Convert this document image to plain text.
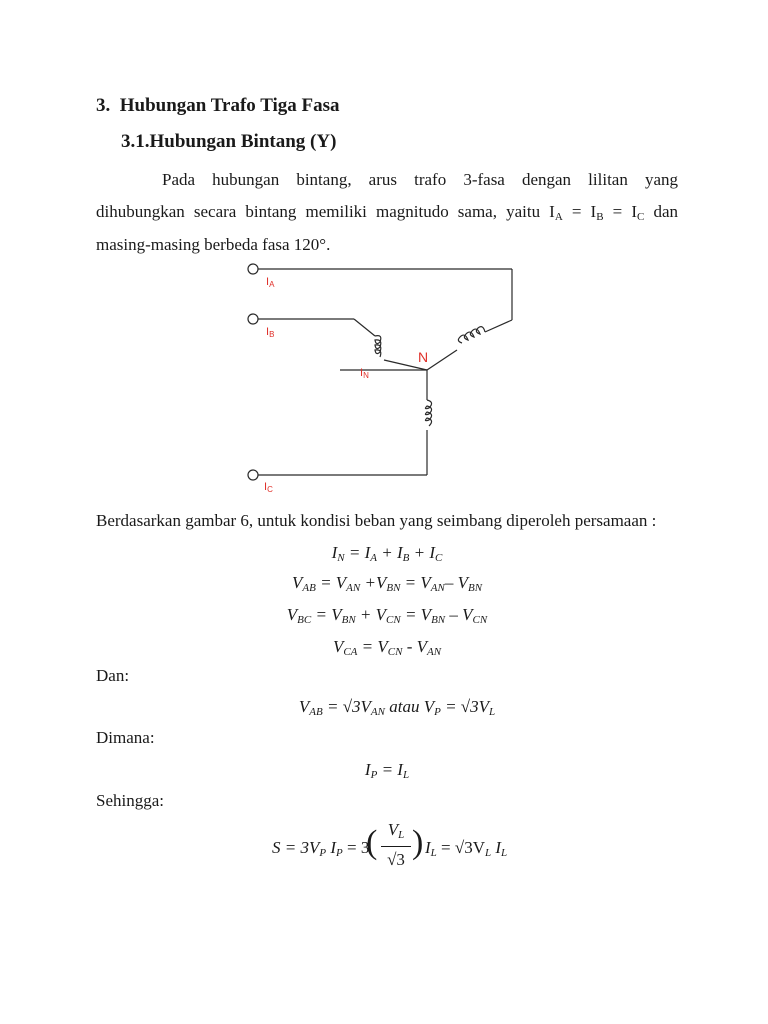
3. Hubungan Trafo Tiga Fasa
3.1.Hubungan Bintang (Y)
Pada hubungan bintang, arus trafo 3-fasa dengan lilitan yang
dihubungkan secara bintang memiliki magnitudo sama, yaitu $I_A = I_B = I_C$ dan
masing-masing berbeda fasa 120°.
IA
IB
IN
IC
N
Berdasarkan gambar 6, untuk kondisi beban yang seimbang diperoleh persamaan :
$I_N = I_A + I_B + I_C$
$V_{AB} = V_{AN} +V_{BN} = V_{AN}-$ $V_{BN}$
$V_{BC} = V_{BN} + V_{CN} = V_{BN} - V_{CN}$
$V_{CA} = V_{CN} - V_{AN}$
Dan:
$V_{AB} = √3V_{AN}$ atau $V_P = √3V_L$
Dimana:
$I_P = I_L$
Sehingga:
$S = 3V_P$ $I_P = 3$
( $V_L$
√3 ) $I_L = √3V_L$ $I_L$
